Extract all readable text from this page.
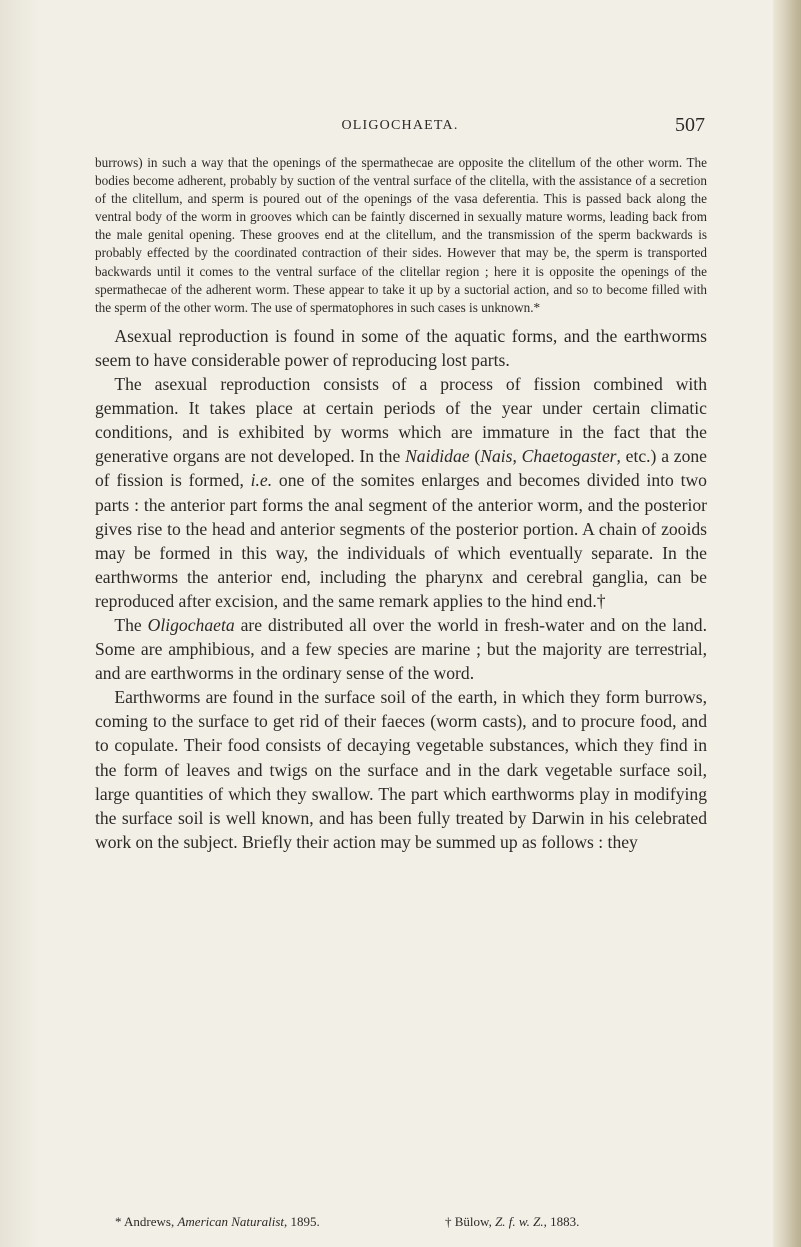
OLIGOCHAETA.	507

burrows) in such a way that the openings of the spermathecae are opposite the clitellum of the other worm. The bodies become adherent, probably by suction of the ventral surface of the clitella, with the assistance of a secretion of the clitellum, and sperm is poured out of the openings of the vasa deferentia. This is passed back along the ventral body of the worm in grooves which can be faintly discerned in sexually mature worms, leading back from the male genital opening. These grooves end at the clitellum, and the transmission of the sperm backwards is probably effected by the coordinated contraction of their sides. However that may be, the sperm is transported backwards until it comes to the ventral surface of the clitellar region ; here it is opposite the openings of the spermathecae of the adherent worm. These appear to take it up by a suctorial action, and so to become filled with the sperm of the other worm. The use of spermatophores in such cases is unknown.*

Asexual reproduction is found in some of the aquatic forms, and the earthworms seem to have considerable power of reproducing lost parts.

The asexual reproduction consists of a process of fission combined with gemmation. It takes place at certain periods of the year under certain climatic conditions, and is exhibited by worms which are immature in the fact that the generative organs are not developed. In the Naididae (Nais, Chaetogaster, etc.) a zone of fission is formed, i.e. one of the somites enlarges and becomes divided into two parts : the anterior part forms the anal segment of the anterior worm, and the posterior gives rise to the head and anterior segments of the posterior portion. A chain of zooids may be formed in this way, the individuals of which eventually separate. In the earthworms the anterior end, including the pharynx and cerebral ganglia, can be reproduced after excision, and the same remark applies to the hind end.†

The Oligochaeta are distributed all over the world in fresh-water and on the land. Some are amphibious, and a few species are marine ; but the majority are terrestrial, and are earthworms in the ordinary sense of the word.

Earthworms are found in the surface soil of the earth, in which they form burrows, coming to the surface to get rid of their faeces (worm casts), and to procure food, and to copulate. Their food consists of decaying vegetable substances, which they find in the form of leaves and twigs on the surface and in the dark vegetable surface soil, large quantities of which they swallow. The part which earthworms play in modifying the surface soil is well known, and has been fully treated by Darwin in his celebrated work on the subject. Briefly their action may be summed up as follows : they

* Andrews, American Naturalist, 1895.	† Bülow, Z. f. w. Z., 1883.
